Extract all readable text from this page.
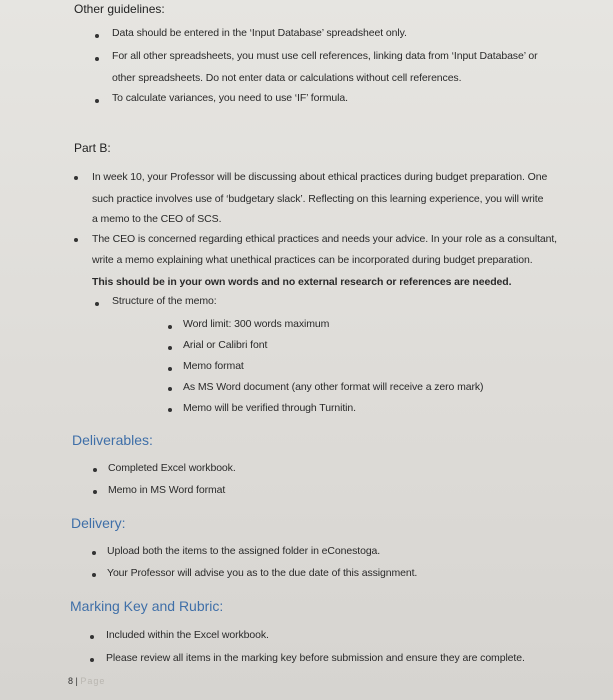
Other guidelines:
Data should be entered in the ‘Input Database’ spreadsheet only.
For all other spreadsheets, you must use cell references, linking data from ‘Input Database’ or
other spreadsheets. Do not enter data or calculations without cell references.
To calculate variances, you need to use ‘IF’ formula.
Part B:
In week 10, your Professor will be discussing about ethical practices during budget preparation. One
such practice involves use of ‘budgetary slack’. Reflecting on this learning experience, you will write
a memo to the CEO of SCS.
The CEO is concerned regarding ethical practices and needs your advice. In your role as a consultant,
write a memo explaining what unethical practices can be incorporated during budget preparation.
This should be in your own words and no external research or references are needed.
Structure of the memo:
Word limit: 300 words maximum
Arial or Calibri font
Memo format
As MS Word document (any other format will receive a zero mark)
Memo will be verified through Turnitin.
Deliverables:
Completed Excel workbook.
Memo in MS Word format
Delivery:
Upload both the items to the assigned folder in eConestoga.
Your Professor will advise you as to the due date of this assignment.
Marking Key and Rubric:
Included within the Excel workbook.
Please review all items in the marking key before submission and ensure they are complete.
8 | Page
